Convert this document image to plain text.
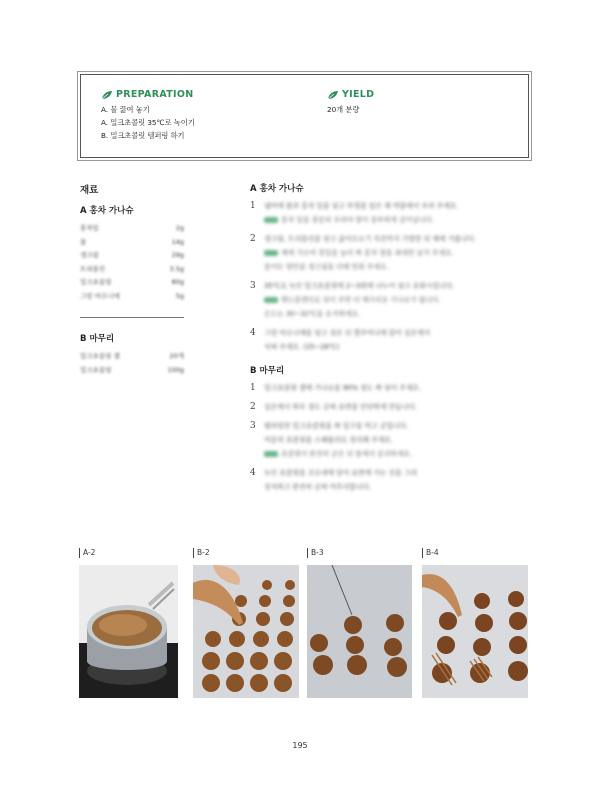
PREPARATION
A. 물 끓여 놓기
A. 밀크초콜릿 35℃로 녹이기
B. 밀크초콜릿 템퍼링 하기
YIELD
20개 분량
재료
A 홍차 가나슈
홍차잎	2g
물	14g
생크림	29g
트리몰린	3.5g
밀크초콜릿	80g
그랑 마르니에	5g
B 마무리
밀크초콜릿 셸	20개
밀크초콜릿	100g
A 홍차 가나슈
1 냄비에 물과 홍차 잎을 넣고 뚜껑을 덮은 채 약불에서 우려 주세요.
홍차 잎을 충분히 우려야 향이 풍부하게 살아납니다.
2 생크림, 트리몰린을 넣고 끓어오르기 직전까지 가열한 뒤 체에 거릅니다.
체에 거르며 찻잎을 눌러 짜 홍차 향을 최대한 남겨 주세요.
줄어든 양만큼 생크림을 더해 맞춰 주세요.
3 35℃로 녹인 밀크초콜릿에 2~3회에 나누어 넣고 유화시킵니다.
핸드블렌더로 섞어 주면 더 매끄러운 가나슈가 됩니다.
온도는 30~32℃를 유지하세요.
4 그랑 마르니에를 넣고 섞은 뒤 짤주머니에 담아 실온에서
식혀 주세요. (25~26℃)
B 마무리
1 밀크초콜릿 셸에 가나슈를 90% 정도 짜 넣어 주세요.
2 실온에서 하루 정도 굳혀 표면을 단단하게 만듭니다.
3 템퍼링한 밀크초콜릿을 짜 입구를 막고 굳힙니다.
여분의 초콜릿을 스패튤러로 정리해 주세요.
초콜릿이 완전히 굳은 뒤 틀에서 분리하세요.
4 녹인 초콜릿을 코르네에 담아 표면에 가는 선을 그려
장식하고 완전히 굳혀 마무리합니다.
A-2	B-2	B-3	B-4
195
